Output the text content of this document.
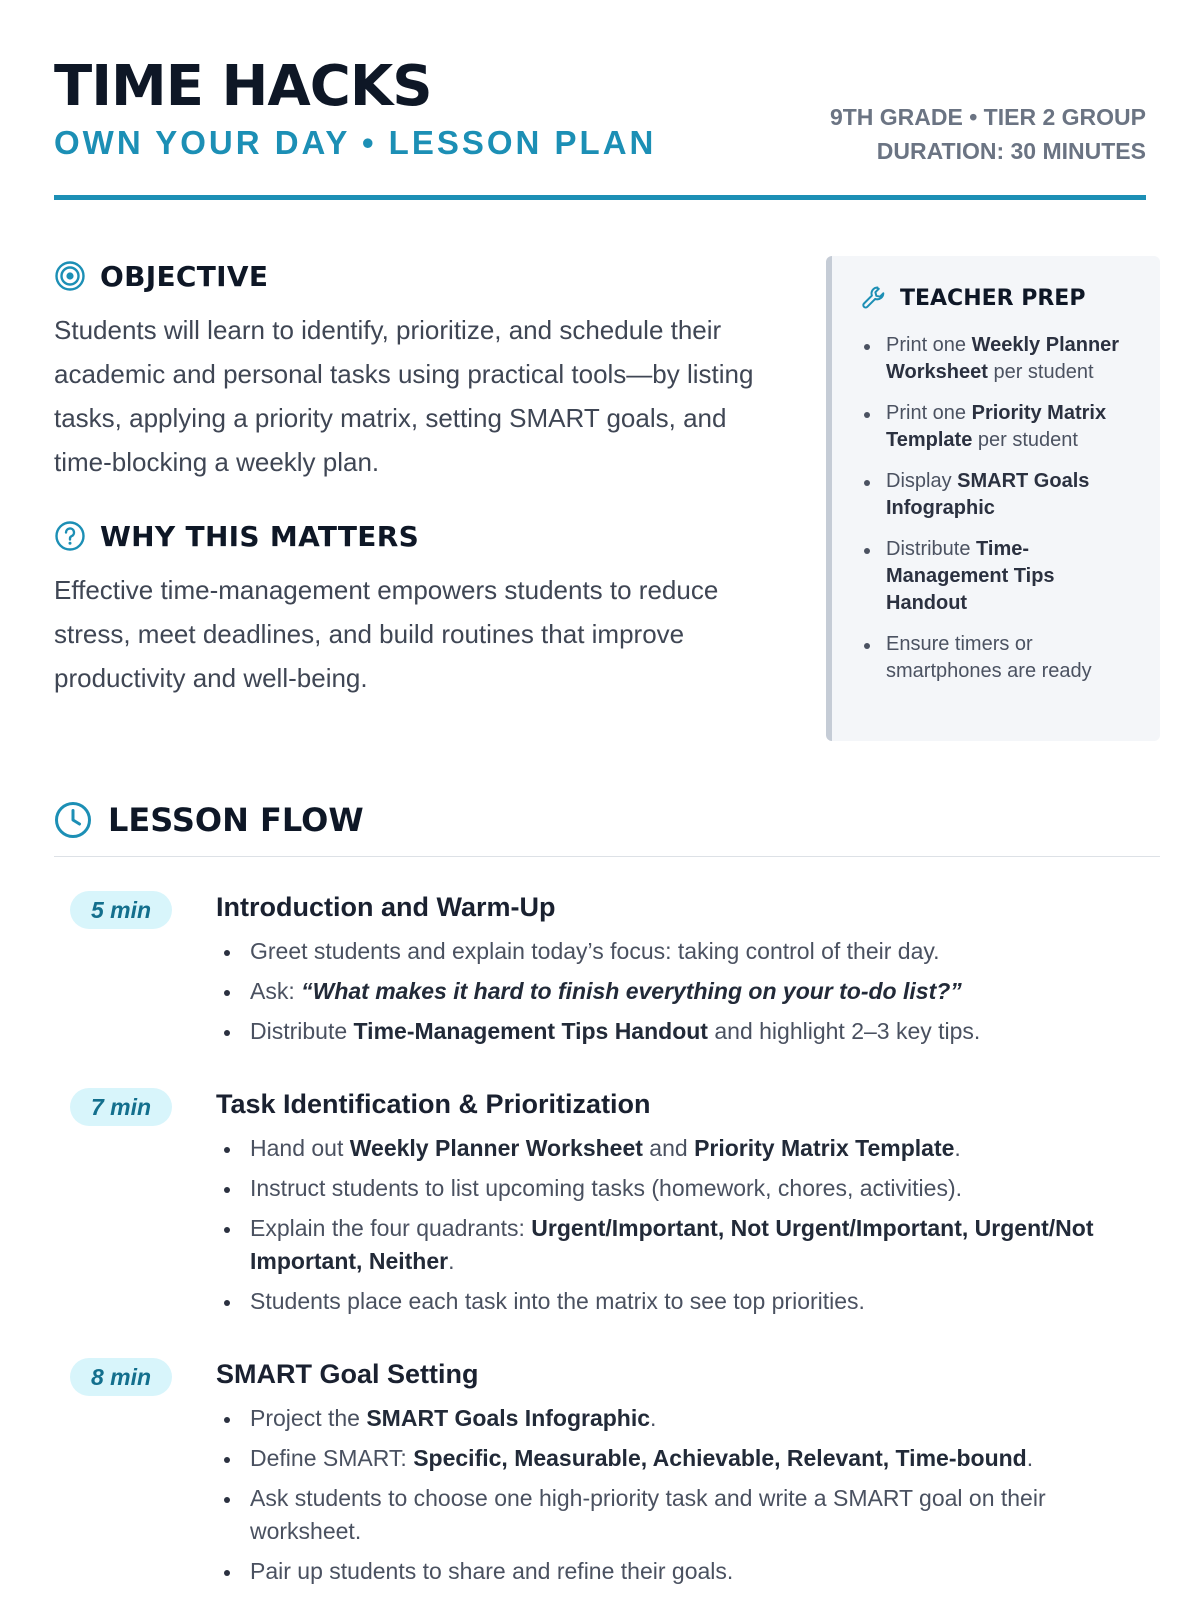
TIME HACKS
OWN YOUR DAY • LESSON PLAN
9TH GRADE • TIER 2 GROUP
DURATION: 30 MINUTES
OBJECTIVE

Students will learn to identify, prioritize, and schedule their academic and personal tasks using practical tools—by listing tasks, applying a priority matrix, setting SMART goals, and time-blocking a weekly plan.

WHY THIS MATTERS

Effective time-management empowers students to reduce stress, meet deadlines, and build routines that improve productivity and well-being.

TEACHER PREP
Print one Weekly Planner Worksheet per student
Print one Priority Matrix Template per student
Display SMART Goals Infographic
Distribute Time-Management Tips Handout
Ensure timers or smartphones are ready
LESSON FLOW
5 min	Introduction and Warm-Up
Greet students and explain today’s focus: taking control of their day.
Ask: “What makes it hard to finish everything on your to-do list?”
Distribute Time-Management Tips Handout and highlight 2–3 key tips.
7 min	Task Identification & Prioritization
Hand out Weekly Planner Worksheet and Priority Matrix Template.
Instruct students to list upcoming tasks (homework, chores, activities).
Explain the four quadrants: Urgent/Important, Not Urgent/Important, Urgent/Not Important, Neither.
Students place each task into the matrix to see top priorities.
8 min	SMART Goal Setting
Project the SMART Goals Infographic.
Define SMART: Specific, Measurable, Achievable, Relevant, Time-bound.
Ask students to choose one high-priority task and write a SMART goal on their worksheet.
Pair up students to share and refine their goals.
